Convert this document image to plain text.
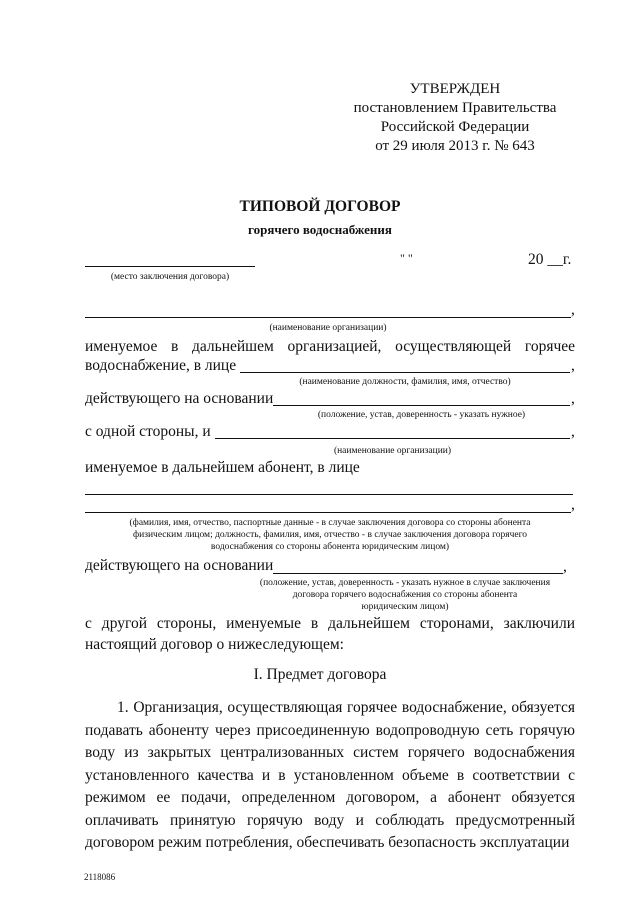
УТВЕРЖДЕН
постановлением Правительства
Российской Федерации
от 29 июля 2013 г. № 643
ТИПОВОЙ ДОГОВОР
горячего водоснабжения
(место заключения договора)
" "	20 __г.
,
(наименование организации)
именуемое в дальнейшем организацией, осуществляющей горячее
водоснабжение, в лице	,
(наименование должности, фамилия, имя, отчество)
действующего на основании	,
(положение, устав, доверенность - указать нужное)
с одной стороны, и	,
(наименование организации)
именуемое в дальнейшем абонент, в лице
,
(фамилия, имя, отчество, паспортные данные - в случае заключения договора со стороны абонента
физическим лицом; должность, фамилия, имя, отчество - в случае заключения договора горячего
водоснабжения со стороны абонента юридическим лицом)
действующего на основании	,
(положение, устав, доверенность - указать нужное в случае заключения
договора горячего водоснабжения со стороны абонента
юридическим лицом)
с другой стороны, именуемые в дальнейшем сторонами, заключили
настоящий договор о нижеследующем:
I. Предмет договора

1. Организация, осуществляющая горячее водоснабжение, обязуется подавать абоненту через присоединенную водопроводную сеть горячую воду из закрытых централизованных систем горячего водоснабжения установленного качества и в установленном объеме в соответствии с режимом ее подачи, определенном договором, а абонент обязуется оплачивать принятую горячую воду и соблюдать предусмотренный договором режим потребления, обеспечивать безопасность эксплуатации

2118086
